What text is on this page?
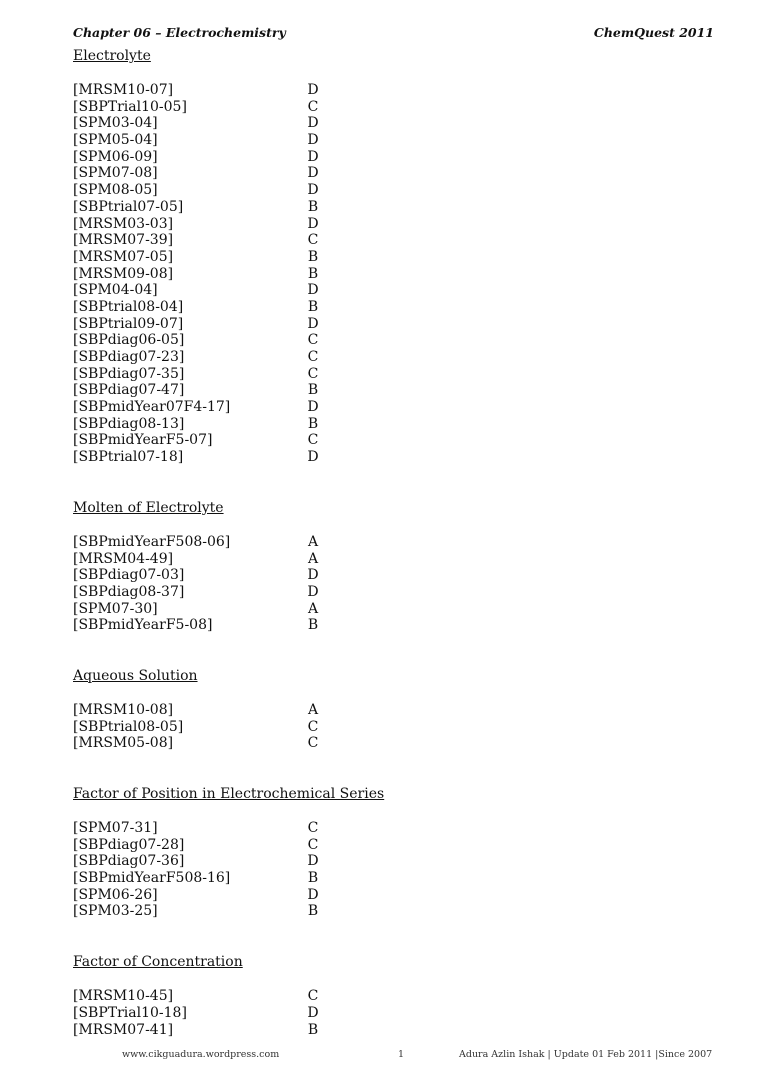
Chapter 06 – Electrochemistry	ChemQuest 2011
Electrolyte
[MRSM10-07]	D
[SBPTrial10-05]	C
[SPM03-04]	D
[SPM05-04]	D
[SPM06-09]	D
[SPM07-08]	D
[SPM08-05]	D
[SBPtrial07-05]	B
[MRSM03-03]	D
[MRSM07-39]	C
[MRSM07-05]	B
[MRSM09-08]	B
[SPM04-04]	D
[SBPtrial08-04]	B
[SBPtrial09-07]	D
[SBPdiag06-05]	C
[SBPdiag07-23]	C
[SBPdiag07-35]	C
[SBPdiag07-47]	B
[SBPmidYear07F4-17]	D
[SBPdiag08-13]	B
[SBPmidYearF5-07]	C
[SBPtrial07-18]	D
Molten of Electrolyte
[SBPmidYearF508-06]	A
[MRSM04-49]	A
[SBPdiag07-03]	D
[SBPdiag08-37]	D
[SPM07-30]	A
[SBPmidYearF5-08]	B
Aqueous Solution
[MRSM10-08]	A
[SBPtrial08-05]	C
[MRSM05-08]	C
Factor of Position in Electrochemical Series
[SPM07-31]	C
[SBPdiag07-28]	C
[SBPdiag07-36]	D
[SBPmidYearF508-16]	B
[SPM06-26]	D
[SPM03-25]	B
Factor of Concentration
[MRSM10-45]	C
[SBPTrial10-18]	D
[MRSM07-41]	B
www.cikguadura.wordpress.com	1	Adura Azlin Ishak | Update 01 Feb 2011 |Since 2007
